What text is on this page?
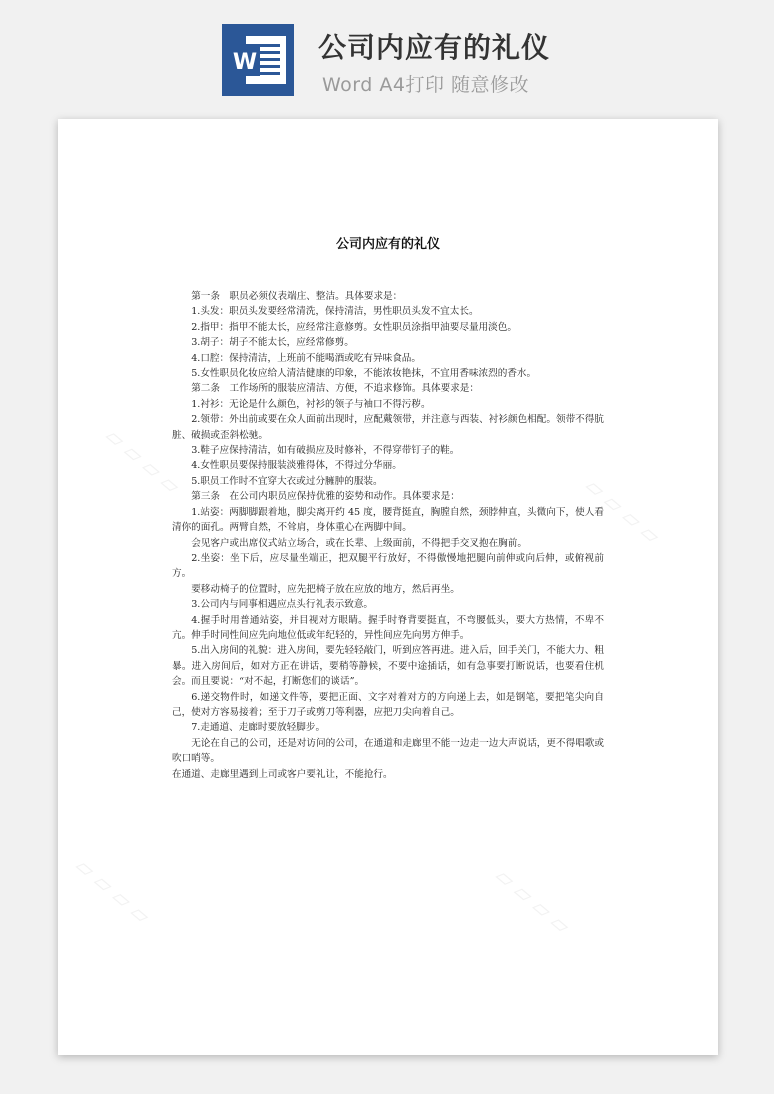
W 公司内应有的礼仪
Word A4打印 随意修改
▱ ▱ ▱ ▱
▱ ▱ ▱ ▱
▱ ▱ ▱ ▱	▱ ▱ ▱ ▱
公司内应有的礼仪

第一条　职员必须仪表端庄、整洁。具体要求是：

1.头发：职员头发要经常清洗，保持清洁，男性职员头发不宜太长。

2.指甲：指甲不能太长，应经常注意修剪。女性职员涂指甲油要尽量用淡色。

3.胡子：胡子不能太长，应经常修剪。

4.口腔：保持清洁，上班前不能喝酒或吃有异味食品。

5.女性职员化妆应给人清洁健康的印象，不能浓妆艳抹，不宜用香味浓烈的香水。

第二条　工作场所的服装应清洁、方便，不追求修饰。具体要求是：

1.衬衫：无论是什么颜色，衬衫的领子与袖口不得污秽。

2.领带：外出前或要在众人面前出现时，应配戴领带，并注意与西装、衬衫颜色相配。领带不得肮脏、破损或歪斜松驰。

3.鞋子应保持清洁，如有破损应及时修补，不得穿带钉子的鞋。

4.女性职员要保持服装淡雅得体，不得过分华丽。

5.职员工作时不宜穿大衣或过分臃肿的服装。

第三条　在公司内职员应保持优雅的姿势和动作。具体要求是：

1.站姿：两脚脚跟着地，脚尖离开约 45 度，腰背挺直，胸膛自然，颈脖伸直，头微向下，使人看清你的面孔。两臂自然，不耸肩，身体重心在两脚中间。

会见客户或出席仪式站立场合，或在长辈、上级面前，不得把手交叉抱在胸前。

2.坐姿：坐下后，应尽量坐端正，把双腿平行放好，不得傲慢地把腿向前伸或向后伸，或俯视前方。

要移动椅子的位置时，应先把椅子放在应放的地方，然后再坐。

3.公司内与同事相遇应点头行礼表示致意。

4.握手时用普通站姿，并目视对方眼睛。握手时脊背要挺直，不弯腰低头，要大方热情，不卑不亢。伸手时同性间应先向地位低或年纪轻的，异性间应先向男方伸手。

5.出入房间的礼貌：进入房间，要先轻轻敲门，听到应答再进。进入后，回手关门，不能大力、粗暴。进入房间后，如对方正在讲话，要稍等静候，不要中途插话，如有急事要打断说话，也要看住机会。而且要说：“对不起，打断您们的谈话”。

6.递交物件时，如递文件等，要把正面、文字对着对方的方向递上去，如是钢笔，要把笔尖向自己，使对方容易接着；至于刀子或剪刀等利器，应把刀尖向着自己。

7.走通道、走廊时要放轻脚步。

无论在自己的公司，还是对访问的公司，在通道和走廊里不能一边走一边大声说话，更不得唱歌或吹口哨等。

在通道、走廊里遇到上司或客户要礼让，不能抢行。
